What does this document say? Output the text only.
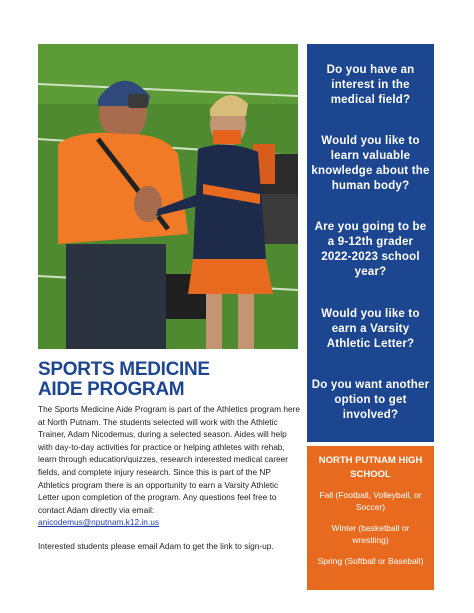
Do you have an interest in the medical field?
Would you like to learn valuable knowledge about the human body?
Are you going to be a 9-12th grader 2022-2023 school year?
Would you like to earn a Varsity Athletic Letter?
Do you want another option to get involved?
NORTH PUTNAM HIGH SCHOOL
Fall (Football, Volleyball, or Soccer)
Winter (basketball or wrestling)
Spring (Softball or Baseball)
SPORTS MEDICINE
AIDE PROGRAM
The Sports Medicine Aide Program is part of the Athletics program here at North Putnam. The students selected will work with the Athletic Trainer, Adam Nicodemus, during a selected season. Aides will help with day-to-day activities for practice or helping athletes with rehab, learn through education/quizzes, research interested medical career fields, and complete injury research. Since this is part of the NP Athletics program there is an opportunity to earn a Varsity Athletic Letter upon completion of the program. Any questions feel free to contact Adam directly via email:
anicodemus@nputnam.k12.in.us
Interested students please email Adam to get the link to sign-up.
